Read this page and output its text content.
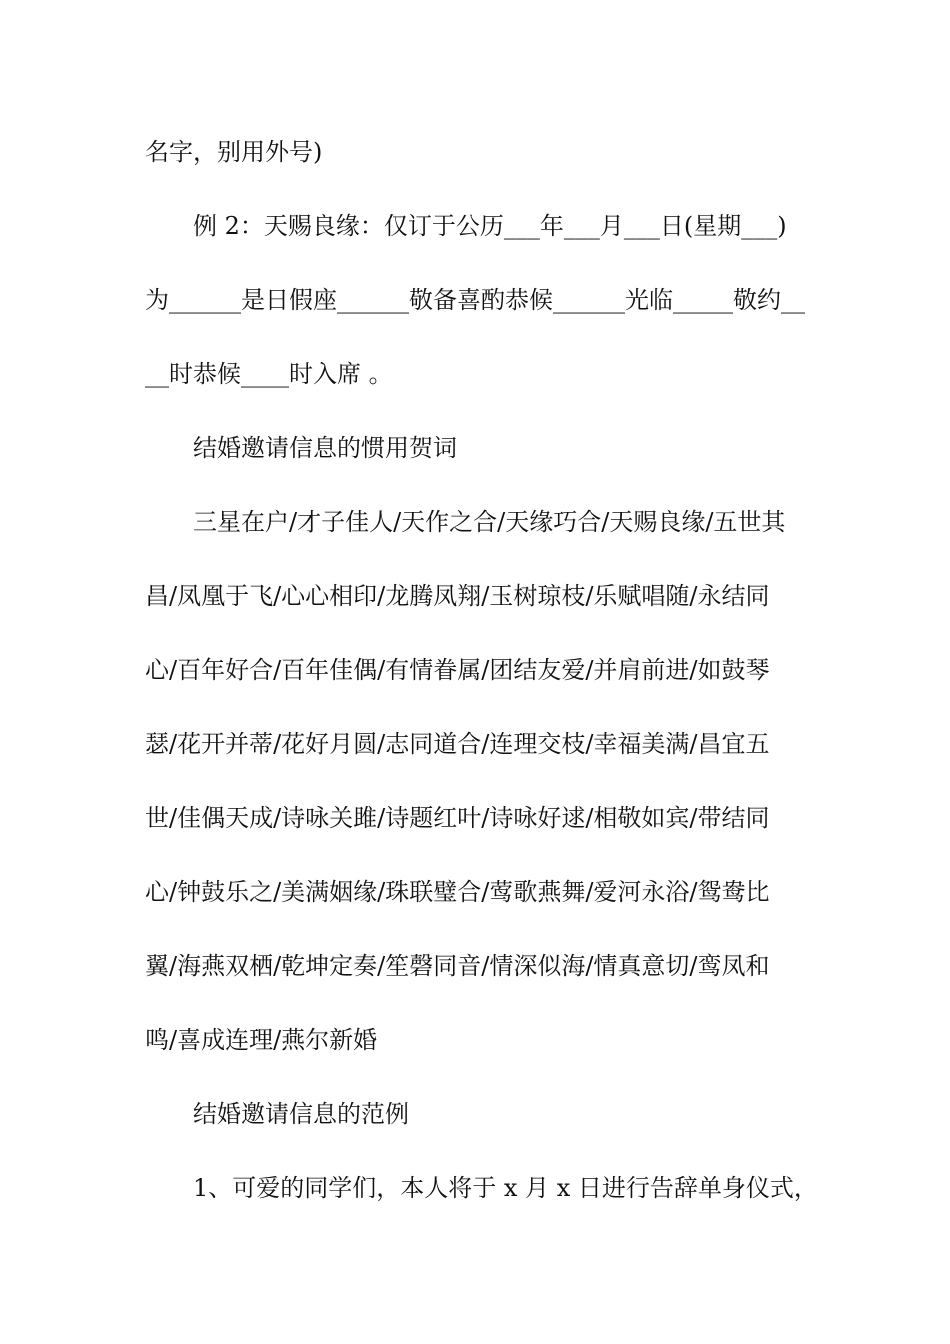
名字，别用外号)
例 2：天赐良缘：仅订于公历___年___月___日(星期___)
为______是日假座______敬备喜酌恭候______光临_____敬约__
__时恭候____时入席 。
结婚邀请信息的惯用贺词
三星在户/才子佳人/天作之合/天缘巧合/天赐良缘/五世其
昌/凤凰于飞/心心相印/龙腾凤翔/玉树琼枝/乐赋唱随/永结同
心/百年好合/百年佳偶/有情眷属/团结友爱/并肩前进/如鼓琴
瑟/花开并蒂/花好月圆/志同道合/连理交枝/幸福美满/昌宜五
世/佳偶天成/诗咏关雎/诗题红叶/诗咏好逑/相敬如宾/带结同
心/钟鼓乐之/美满姻缘/珠联璧合/莺歌燕舞/爱河永浴/鸳鸯比
翼/海燕双栖/乾坤定奏/笙磬同音/情深似海/情真意切/鸾凤和
鸣/喜成连理/燕尔新婚
结婚邀请信息的范例
1、可爱的同学们，本人将于 x 月 x 日进行告辞单身仪式，
